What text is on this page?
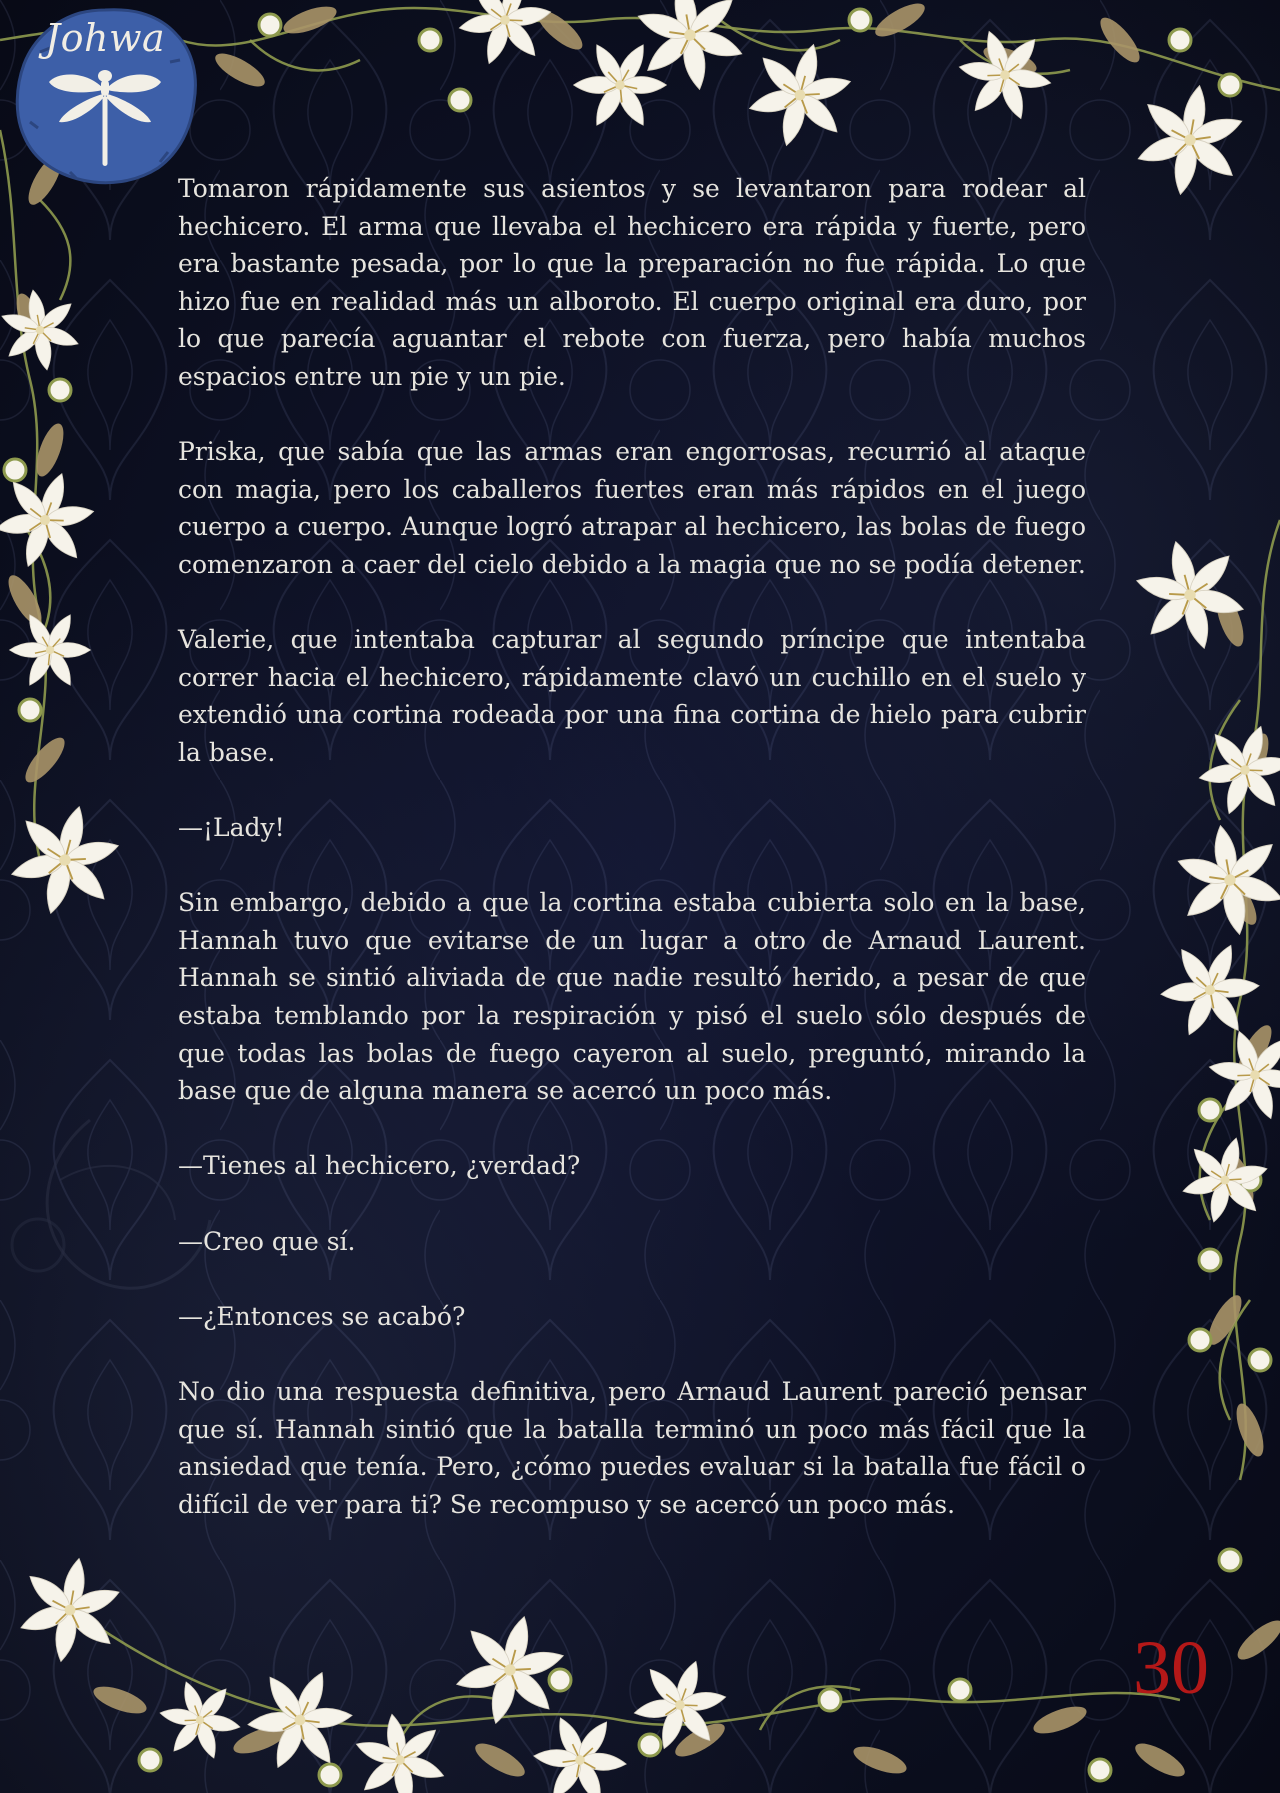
Johwa

Tomaron rápidamente sus asientos y se levantaron para rodear al hechicero. El arma que llevaba el hechicero era rápida y fuerte, pero era bastante pesada, por lo que la preparación no fue rápida. Lo que hizo fue en realidad más un alboroto. El cuerpo original era duro, por lo que parecía aguantar el rebote con fuerza, pero había muchos espacios entre un pie y un pie.

Priska, que sabía que las armas eran engorrosas, recurrió al ataque con magia, pero los caballeros fuertes eran más rápidos en el juego cuerpo a cuerpo. Aunque logró atrapar al hechicero, las bolas de fuego comenzaron a caer del cielo debido a la magia que no se podía detener.

Valerie, que intentaba capturar al segundo príncipe que intentaba correr hacia el hechicero, rápidamente clavó un cuchillo en el suelo y extendió una cortina rodeada por una fina cortina de hielo para cubrir la base.

—¡Lady!

Sin embargo, debido a que la cortina estaba cubierta solo en la base, Hannah tuvo que evitarse de un lugar a otro de Arnaud Laurent. Hannah se sintió aliviada de que nadie resultó herido, a pesar de que estaba temblando por la respiración y pisó el suelo sólo después de que todas las bolas de fuego cayeron al suelo, preguntó, mirando la base que de alguna manera se acercó un poco más.

—Tienes al hechicero, ¿verdad?

—Creo que sí.

—¿Entonces se acabó?

No dio una respuesta definitiva, pero Arnaud Laurent pareció pensar que sí. Hannah sintió que la batalla terminó un poco más fácil que la ansiedad que tenía. Pero, ¿cómo puedes evaluar si la batalla fue fácil o difícil de ver para ti? Se recompuso y se acercó un poco más.

30
